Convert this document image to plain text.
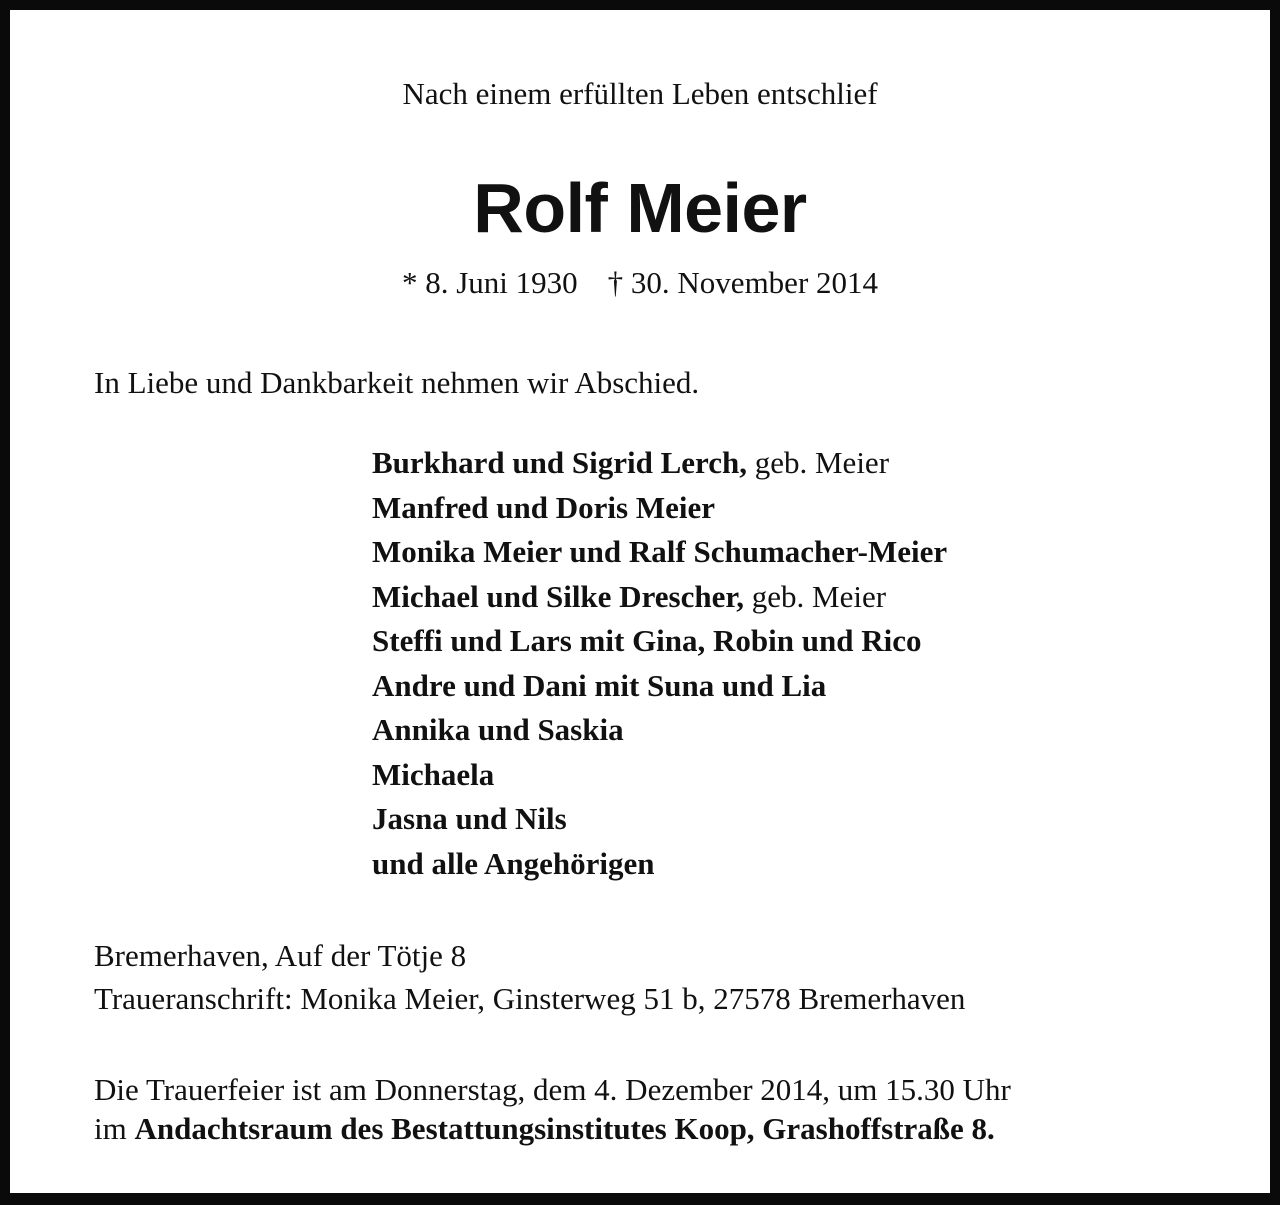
Nach einem erfüllten Leben entschlief
Rolf Meier
* 8. Juni 1930 † 30. November 2014
In Liebe und Dankbarkeit nehmen wir Abschied.
Burkhard und Sigrid Lerch, geb. Meier
Manfred und Doris Meier
Monika Meier und Ralf Schumacher-Meier
Michael und Silke Drescher, geb. Meier
Steffi und Lars mit Gina, Robin und Rico
Andre und Dani mit Suna und Lia
Annika und Saskia
Michaela
Jasna und Nils
und alle Angehörigen
Bremerhaven, Auf der Tötje 8
Traueranschrift: Monika Meier, Ginsterweg 51 b, 27578 Bremerhaven
Die Trauerfeier ist am Donnerstag, dem 4. Dezember 2014, um 15.30 Uhr
im Andachtsraum des Bestattungsinstitutes Koop, Grashoffstraße 8.
